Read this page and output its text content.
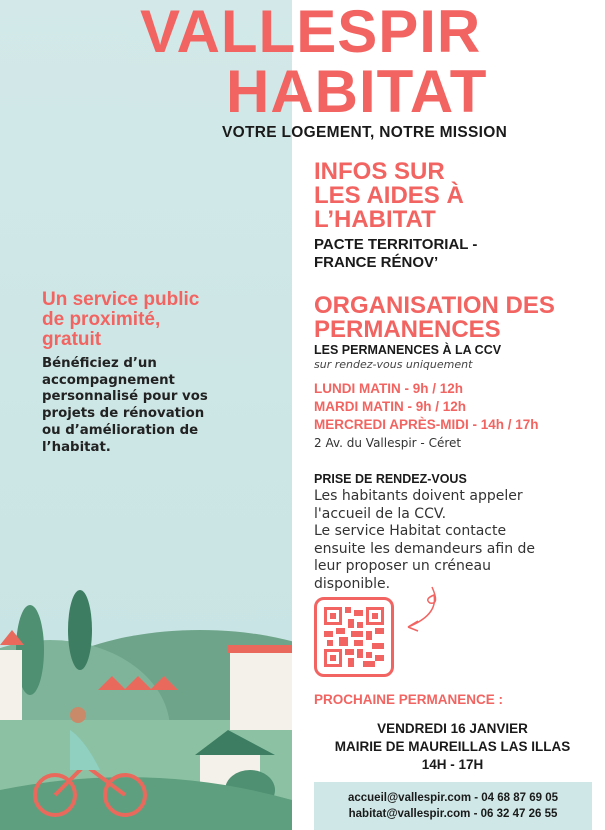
VALLESPIR
HABITAT
VOTRE LOGEMENT, NOTRE MISSION
Un service public
de proximité,
gratuit
Bénéficiez d’un
accompagnement
personnalisé pour vos
projets de rénovation
ou d’amélioration de
l’habitat.
INFOS SUR
LES AIDES À
L’HABITAT
PACTE TERRITORIAL -
FRANCE RÉNOV’
ORGANISATION DES
PERMANENCES
LES PERMANENCES À LA CCV
sur rendez-vous uniquement
LUNDI MATIN - 9h / 12h
MARDI MATIN - 9h / 12h
MERCREDI APRÈS-MIDI - 14h / 17h
2 Av. du Vallespir - Céret
PRISE DE RENDEZ-VOUS
Les habitants doivent appeler
l'accueil de la CCV.
Le service Habitat contacte
ensuite les demandeurs afin de
leur proposer un créneau
disponible.
PROCHAINE PERMANENCE :
VENDREDI 16 JANVIER
MAIRIE DE MAUREILLAS LAS ILLAS
14H - 17H
accueil@vallespir.com - 04 68 87 69 05
habitat@vallespir.com - 06 32 47 26 55
